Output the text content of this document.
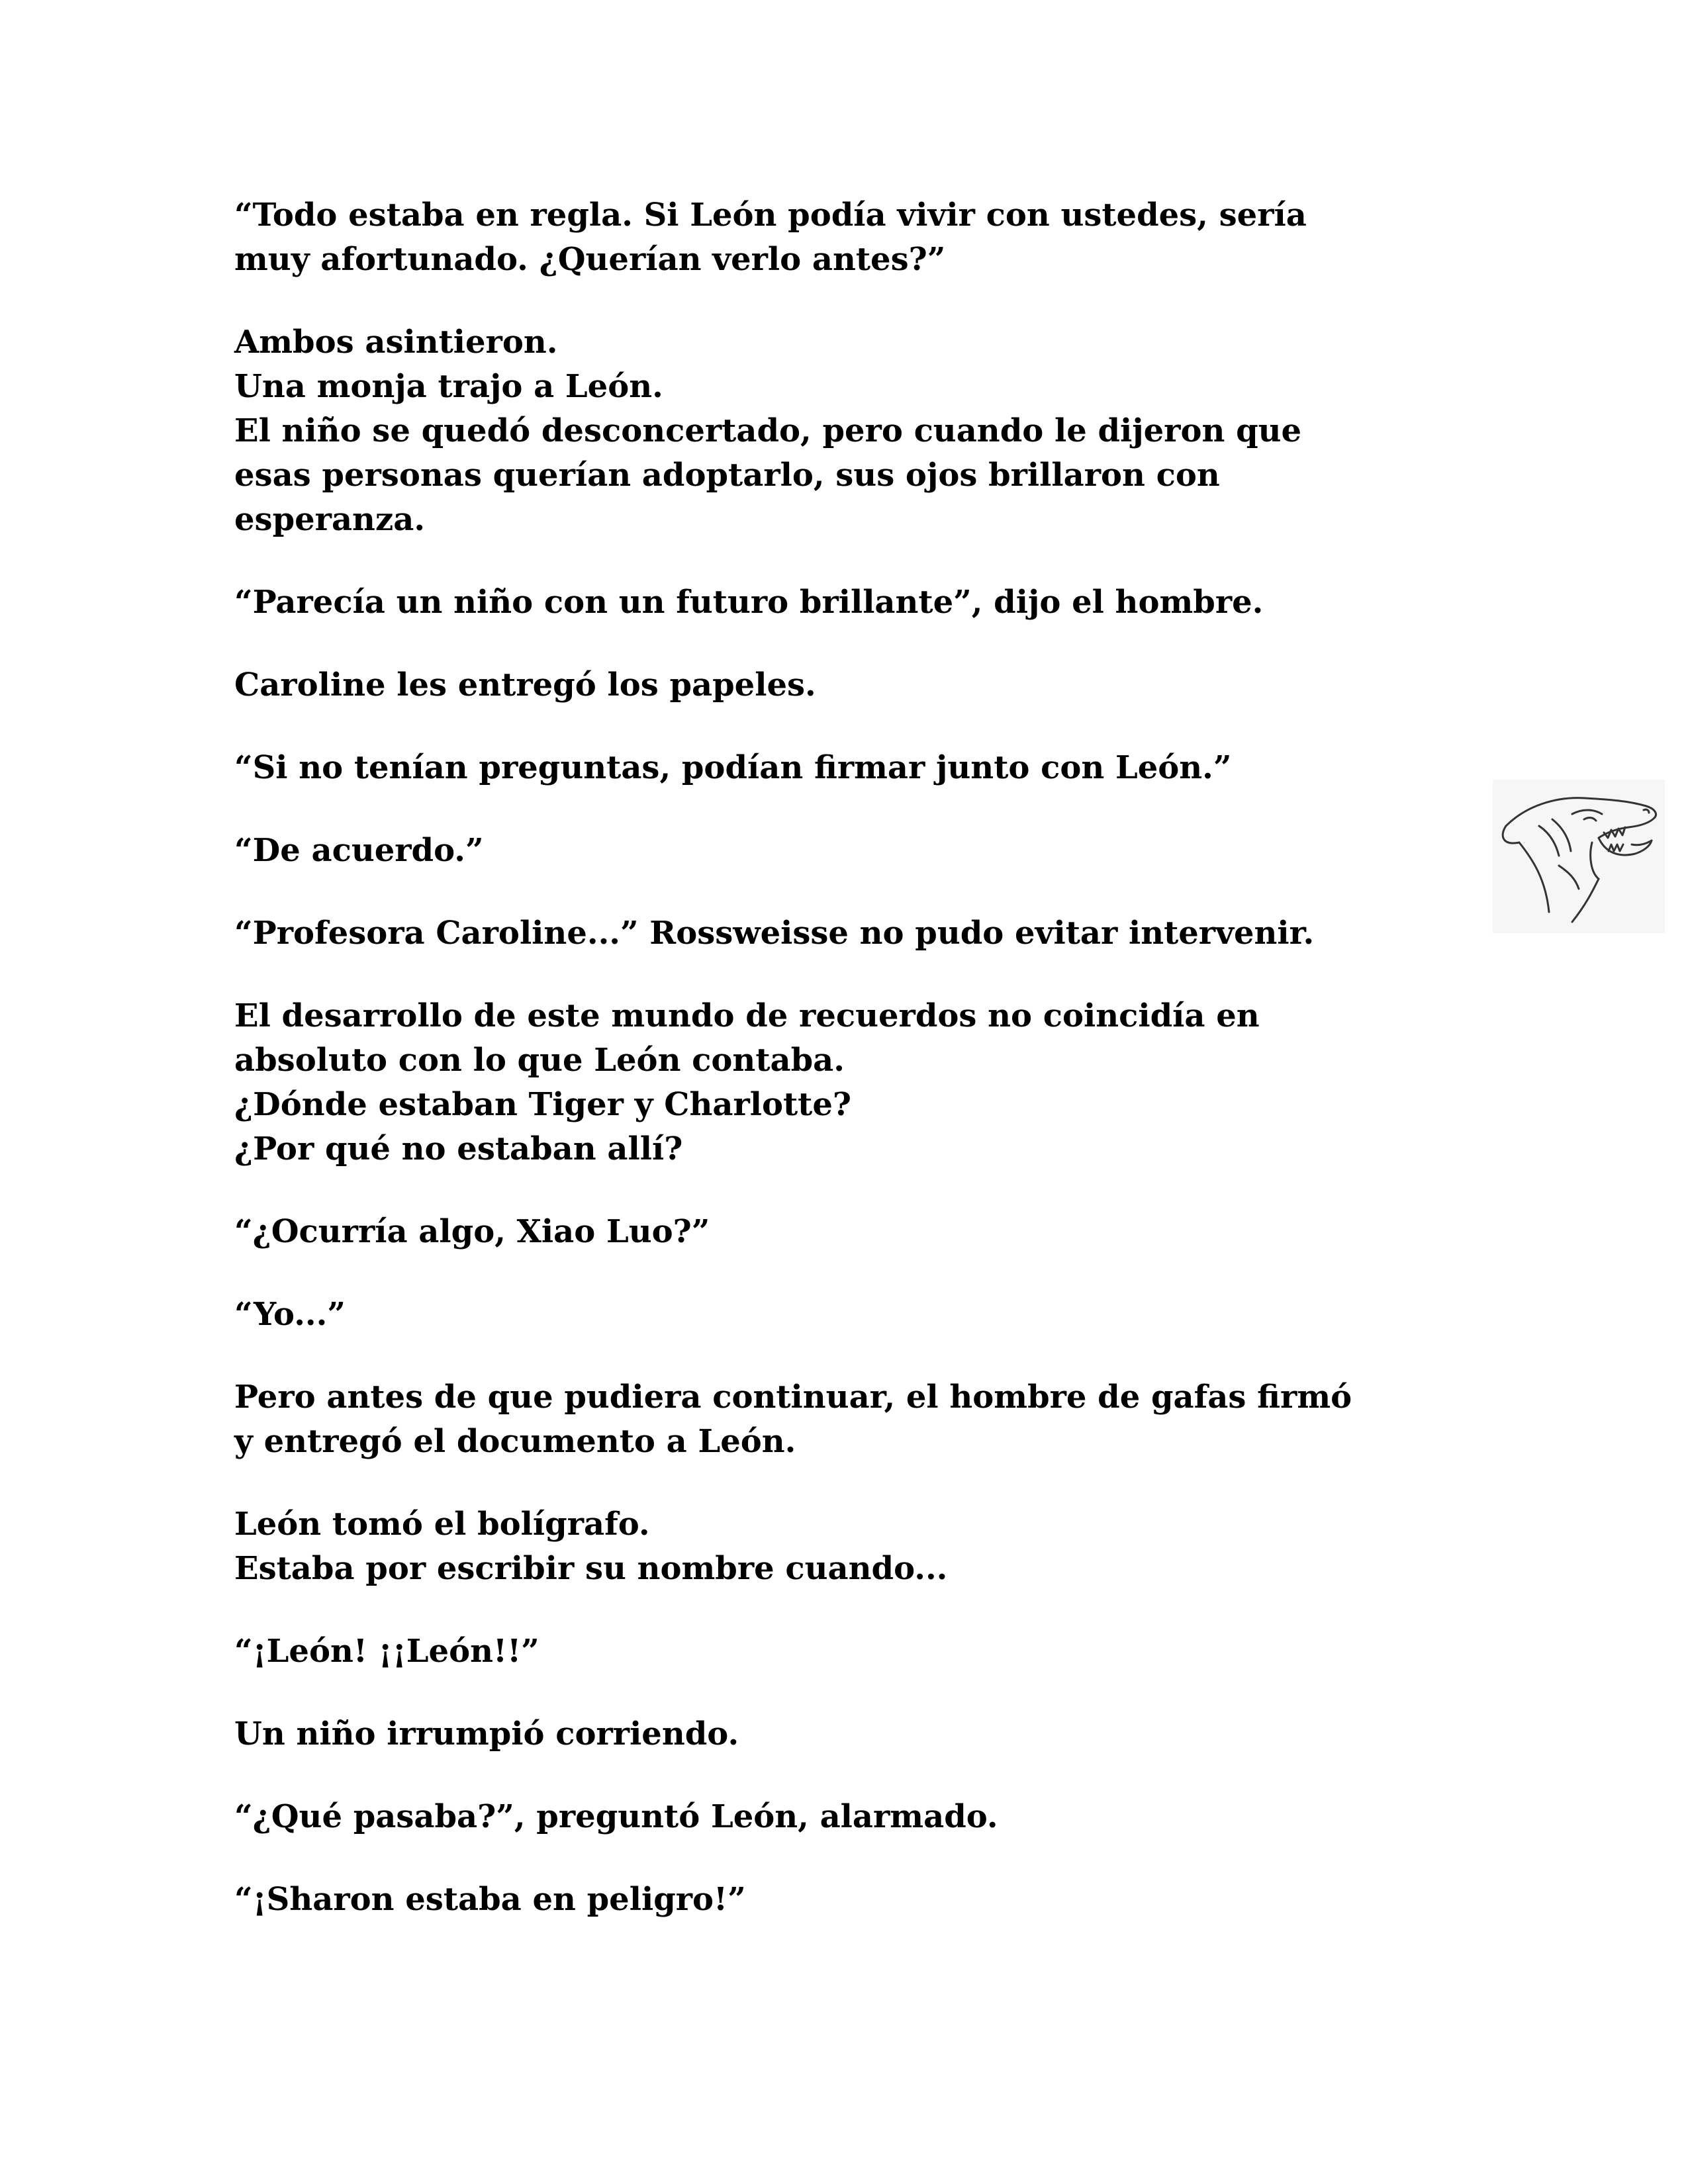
“Todo estaba en regla. Si León podía vivir con ustedes, sería
muy afortunado. ¿Querían verlo antes?”
Ambos asintieron.
Una monja trajo a León.
El niño se quedó desconcertado, pero cuando le dijeron que
esas personas querían adoptarlo, sus ojos brillaron con
esperanza.
“Parecía un niño con un futuro brillante”, dijo el hombre.
Caroline les entregó los papeles.
“Si no tenían preguntas, podían firmar junto con León.”
“De acuerdo.”
“Profesora Caroline...” Rossweisse no pudo evitar intervenir.
El desarrollo de este mundo de recuerdos no coincidía en
absoluto con lo que León contaba.
¿Dónde estaban Tiger y Charlotte?
¿Por qué no estaban allí?
“¿Ocurría algo, Xiao Luo?”
“Yo...”
Pero antes de que pudiera continuar, el hombre de gafas firmó
y entregó el documento a León.
León tomó el bolígrafo.
Estaba por escribir su nombre cuando...
“¡León! ¡¡León!!”
Un niño irrumpió corriendo.
“¿Qué pasaba?”, preguntó León, alarmado.
“¡Sharon estaba en peligro!”
